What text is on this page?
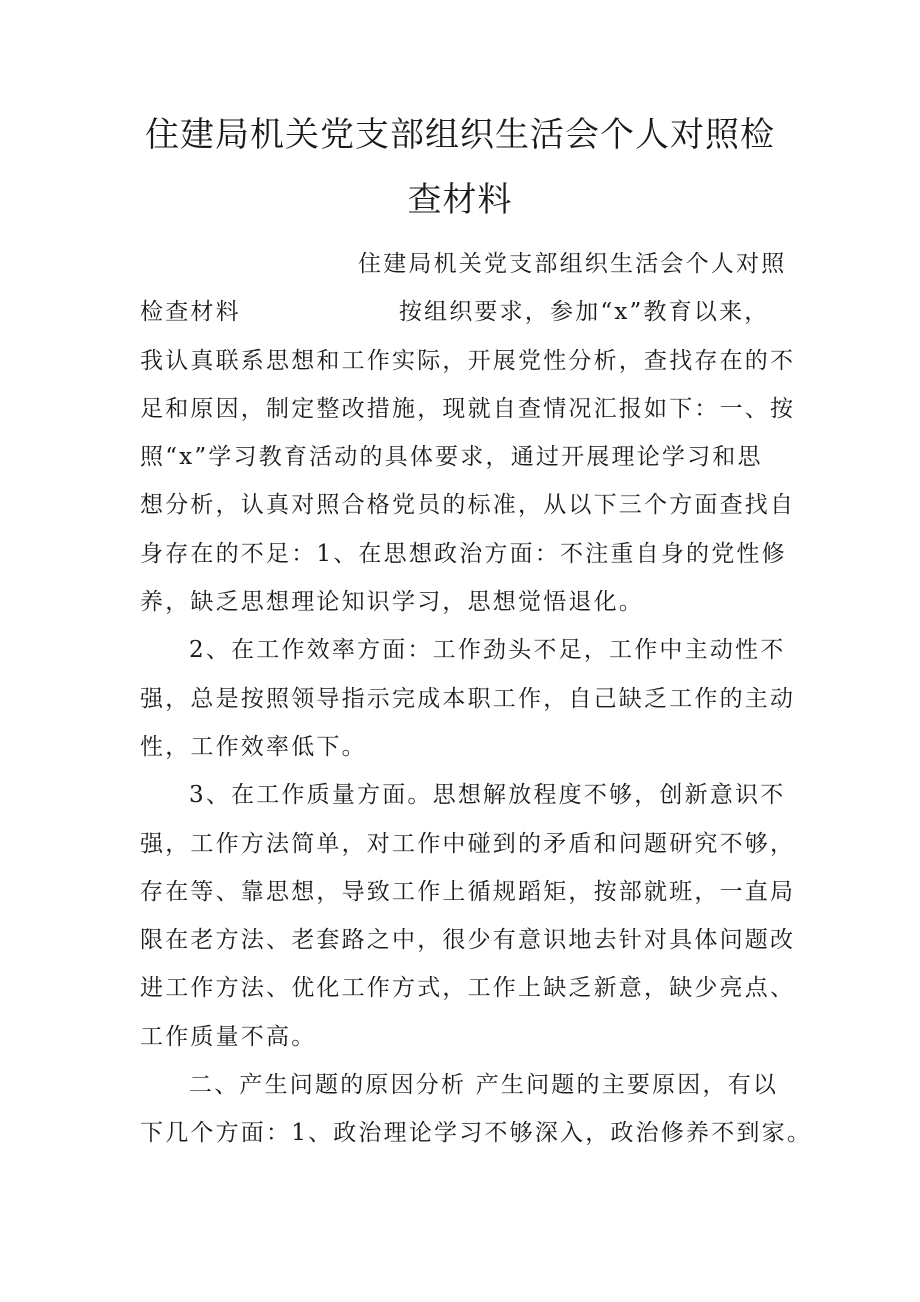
住建局机关党支部组织生活会个人对照检
查材料
住建局机关党支部组织生活会个人对照
检查材料	按组织要求，参加“x”教育以来，
我认真联系思想和工作实际，开展党性分析，查找存在的不
足和原因，制定整改措施，现就自查情况汇报如下：一、按
照“x”学习教育活动的具体要求，通过开展理论学习和思
想分析，认真对照合格党员的标准，从以下三个方面查找自
身存在的不足：1、在思想政治方面：不注重自身的党性修
养，缺乏思想理论知识学习，思想觉悟退化。
2、在工作效率方面：工作劲头不足，工作中主动性不
强，总是按照领导指示完成本职工作，自己缺乏工作的主动
性，工作效率低下。
3、在工作质量方面。思想解放程度不够，创新意识不
强，工作方法简单，对工作中碰到的矛盾和问题研究不够，
存在等、靠思想，导致工作上循规蹈矩，按部就班，一直局
限在老方法、老套路之中，很少有意识地去针对具体问题改
进工作方法、优化工作方式，工作上缺乏新意，缺少亮点、
工作质量不高。
二、产生问题的原因分析 产生问题的主要原因，有以
下几个方面：1、政治理论学习不够深入，政治修养不到家。
